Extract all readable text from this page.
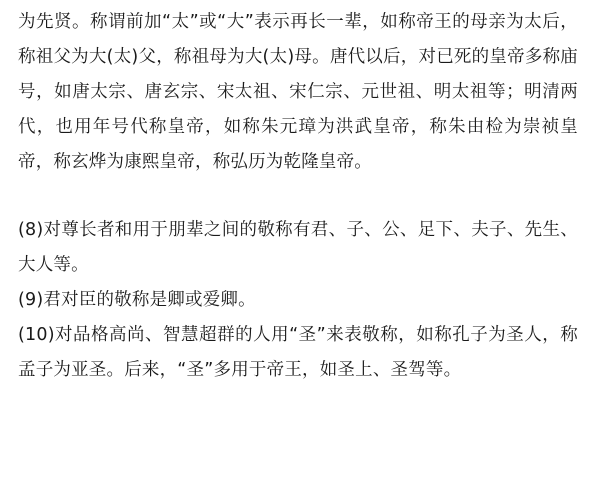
为先贤。称谓前加“太”或“大”表示再长一辈，如称帝王的母亲为太后，称祖父为大(太)父，称祖母为大(太)母。唐代以后，对已死的皇帝多称庙号，如唐太宗、唐玄宗、宋太祖、宋仁宗、元世祖、明太祖等；明清两代，也用年号代称皇帝，如称朱元璋为洪武皇帝，称朱由检为崇祯皇帝，称玄烨为康熙皇帝，称弘历为乾隆皇帝。

(8)对尊长者和用于朋辈之间的敬称有君、子、公、足下、夫子、先生、大人等。

(9)君对臣的敬称是卿或爱卿。

(10)对品格高尚、智慧超群的人用“圣”来表敬称，如称孔子为圣人，称孟子为亚圣。后来，“圣”多用于帝王，如圣上、圣驾等。
